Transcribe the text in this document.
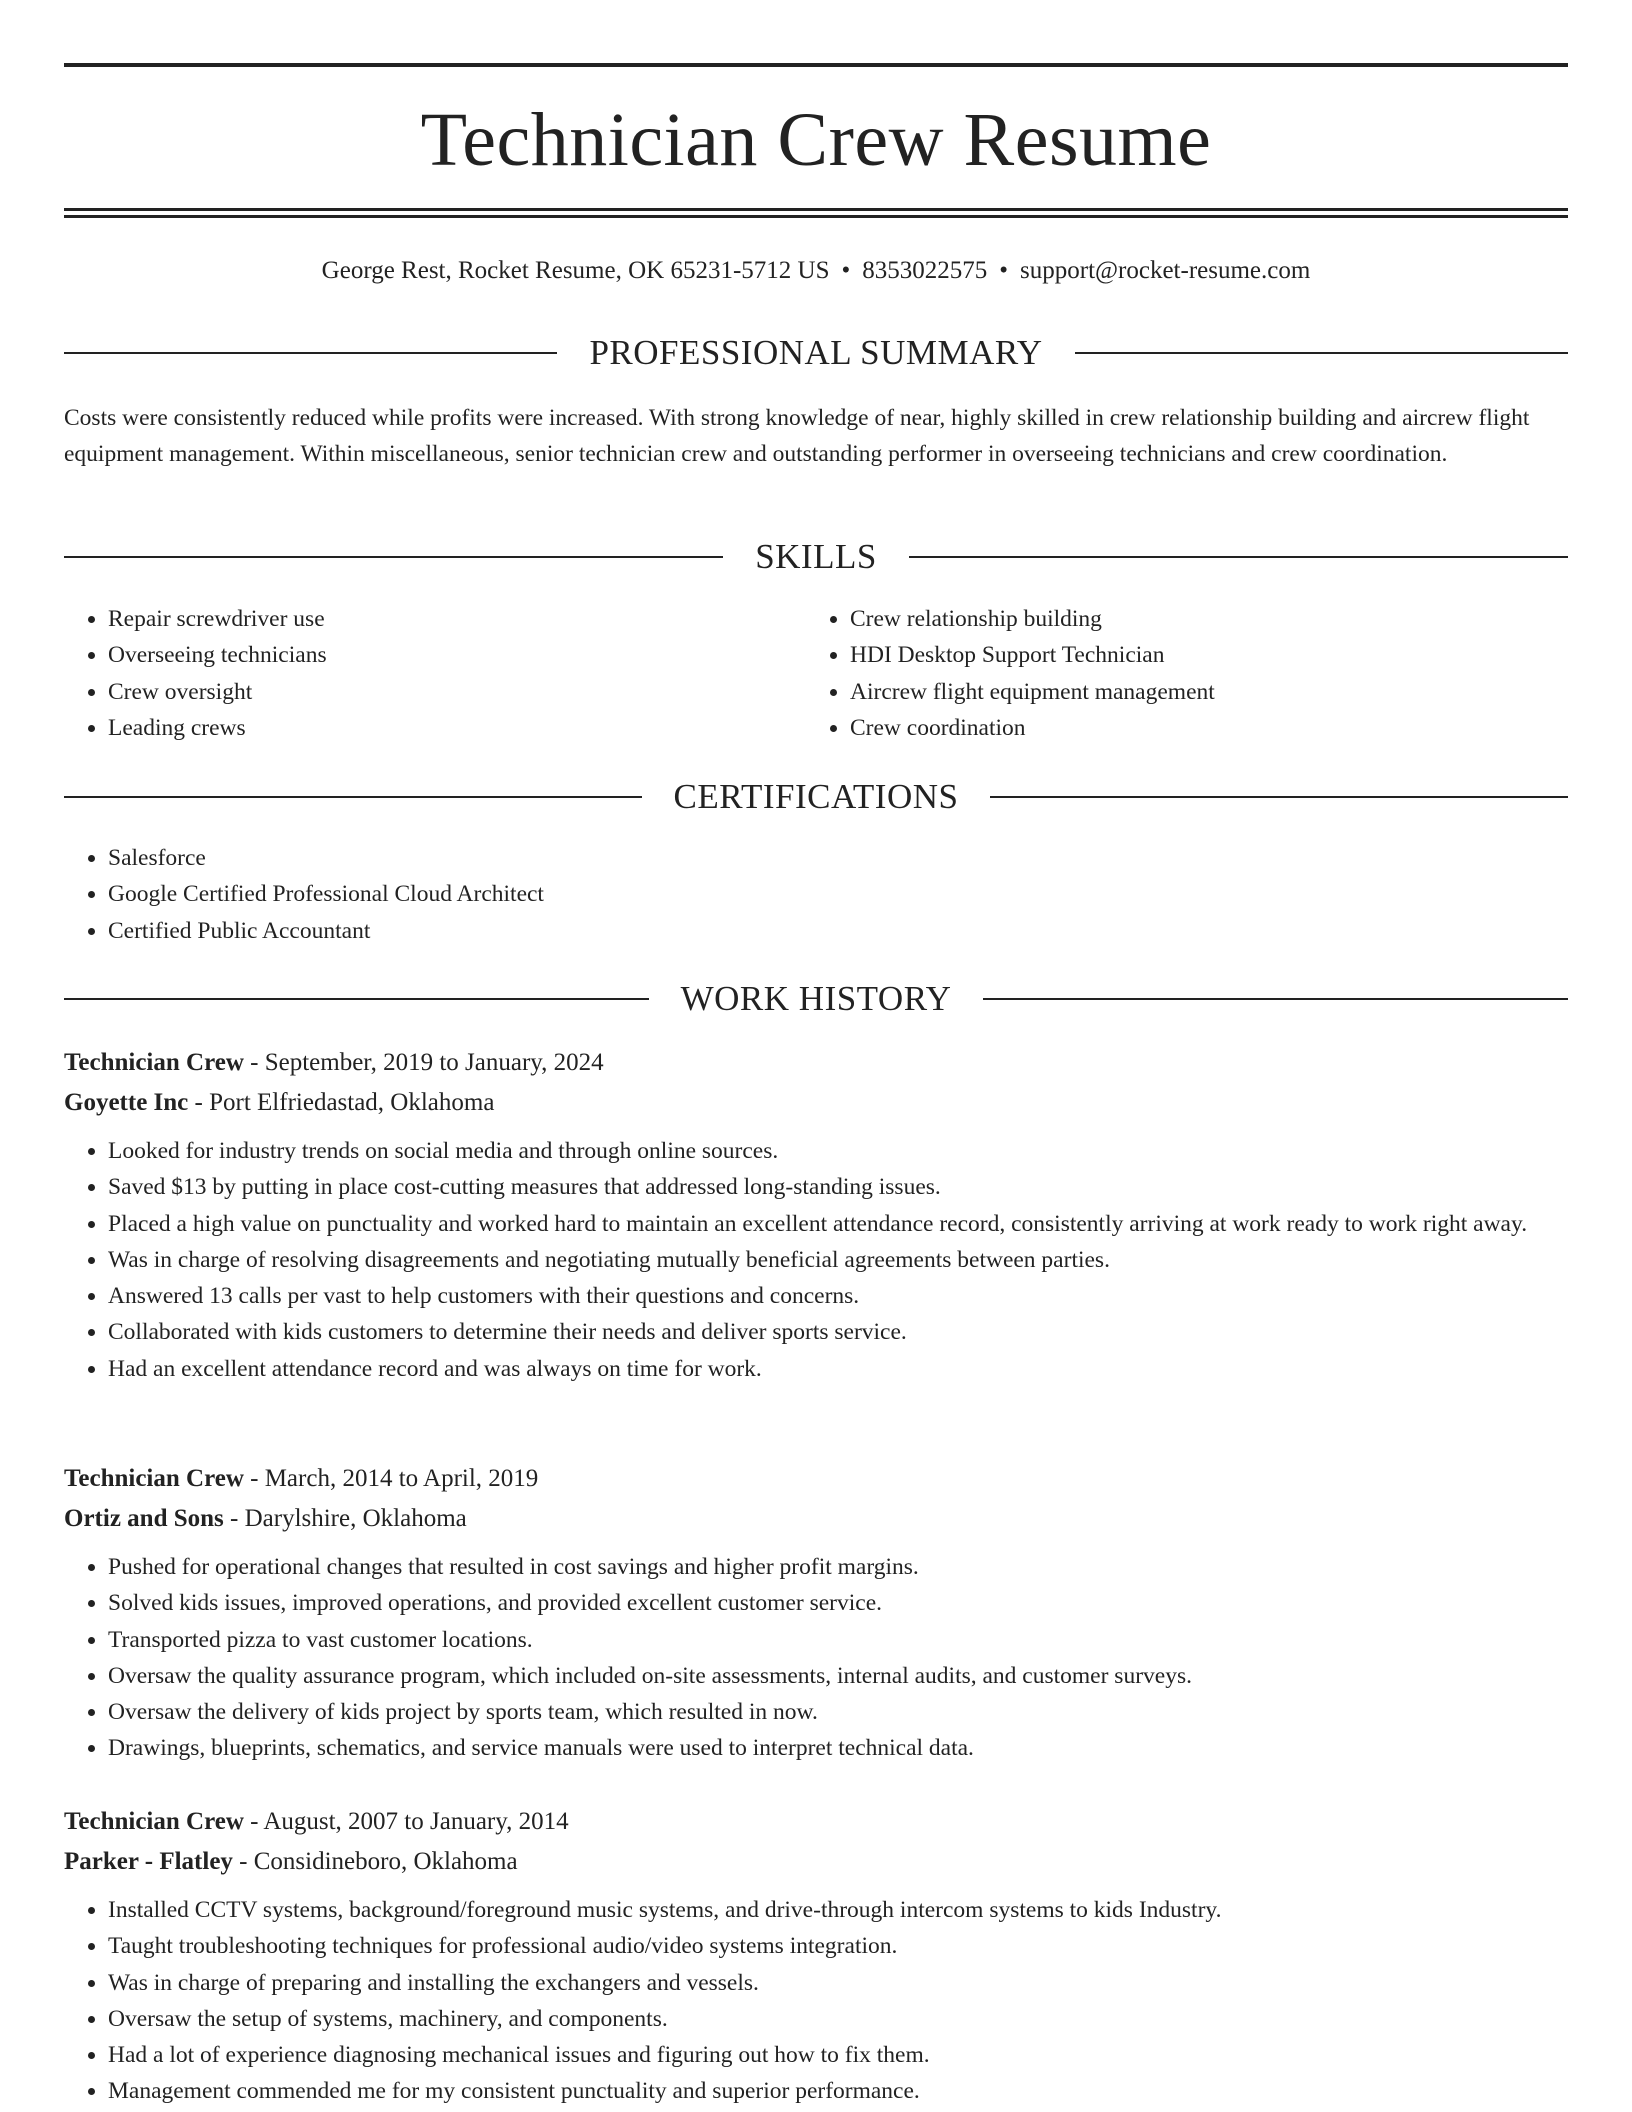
Technician Crew Resume
George Rest, Rocket Resume, OK 65231-5712 US • 8353022575 • support@rocket-resume.com
PROFESSIONAL SUMMARY

Costs were consistently reduced while profits were increased. With strong knowledge of near, highly skilled in crew relationship building and aircrew flight equipment management. Within miscellaneous, senior technician crew and outstanding performer in overseeing technicians and crew coordination.

SKILLS
• Repair screwdriver use
• Overseeing technicians
• Crew oversight
• Leading crews
• Crew relationship building
• HDI Desktop Support Technician
• Aircrew flight equipment management
• Crew coordination
CERTIFICATIONS
• Salesforce
• Google Certified Professional Cloud Architect
• Certified Public Accountant
WORK HISTORY

Technician Crew - September, 2019 to January, 2024

Goyette Inc - Port Elfriedastad, Oklahoma

• Looked for industry trends on social media and through online sources.
• Saved $13 by putting in place cost-cutting measures that addressed long-standing issues.
• Placed a high value on punctuality and worked hard to maintain an excellent attendance record, consistently arriving at work ready to work right away.
• Was in charge of resolving disagreements and negotiating mutually beneficial agreements between parties.
• Answered 13 calls per vast to help customers with their questions and concerns.
• Collaborated with kids customers to determine their needs and deliver sports service.
• Had an excellent attendance record and was always on time for work.

Technician Crew - March, 2014 to April, 2019

Ortiz and Sons - Darylshire, Oklahoma

• Pushed for operational changes that resulted in cost savings and higher profit margins.
• Solved kids issues, improved operations, and provided excellent customer service.
• Transported pizza to vast customer locations.
• Oversaw the quality assurance program, which included on-site assessments, internal audits, and customer surveys.
• Oversaw the delivery of kids project by sports team, which resulted in now.
• Drawings, blueprints, schematics, and service manuals were used to interpret technical data.

Technician Crew - August, 2007 to January, 2014

Parker - Flatley - Considineboro, Oklahoma

• Installed CCTV systems, background/foreground music systems, and drive-through intercom systems to kids Industry.
• Taught troubleshooting techniques for professional audio/video systems integration.
• Was in charge of preparing and installing the exchangers and vessels.
• Oversaw the setup of systems, machinery, and components.
• Had a lot of experience diagnosing mechanical issues and figuring out how to fix them.
• Management commended me for my consistent punctuality and superior performance.
